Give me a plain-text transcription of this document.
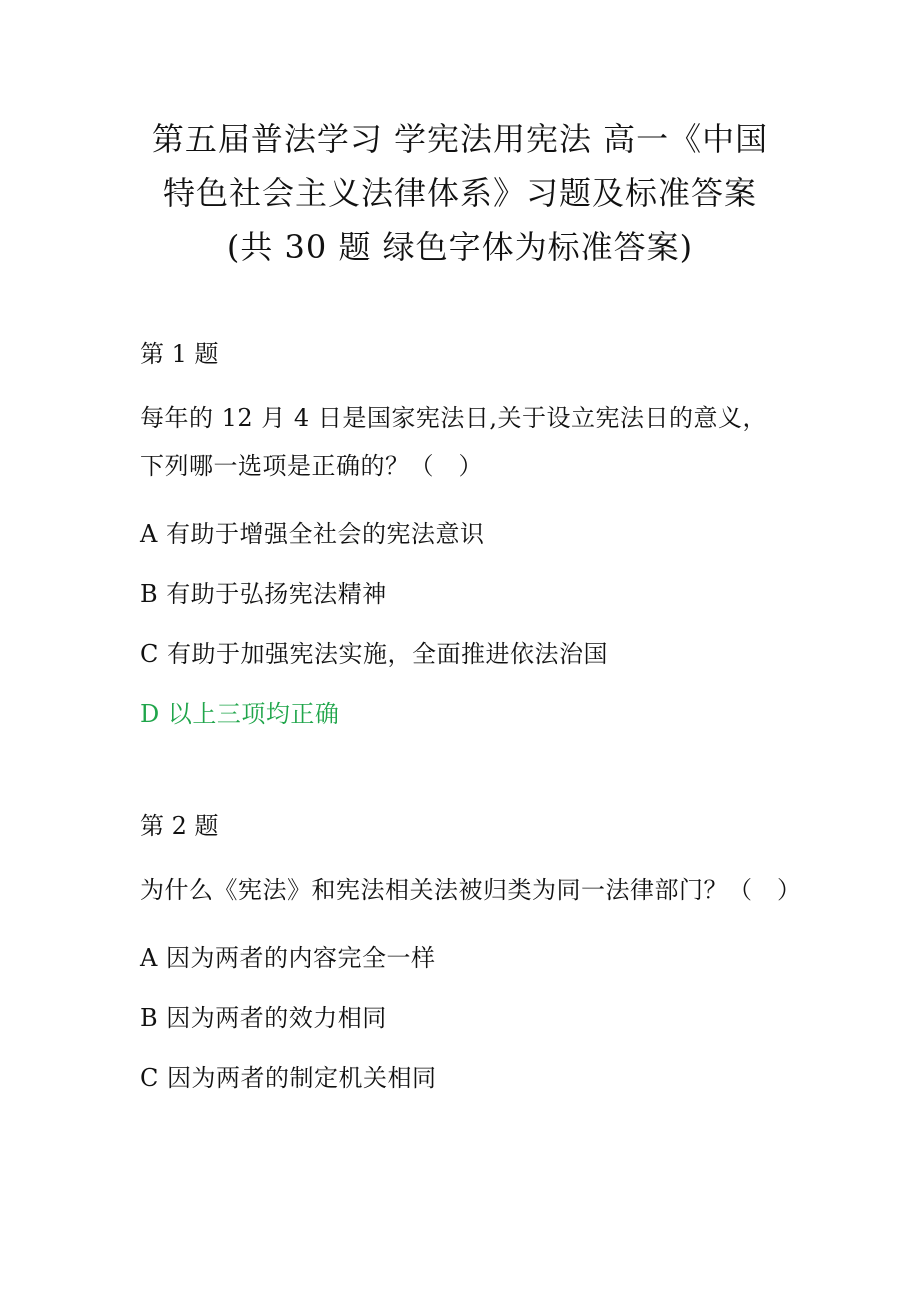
第五届普法学习 学宪法用宪法 高一《中国
特色社会主义法律体系》习题及标准答案
(共 30 题 绿色字体为标准答案)
第 1 题
每年的 12 月 4 日是国家宪法日,关于设立宪法日的意义，下列哪一选项是正确的？（　）
A 有助于增强全社会的宪法意识
B 有助于弘扬宪法精神
C 有助于加强宪法实施，全面推进依法治国
D 以上三项均正确
第 2 题
为什么《宪法》和宪法相关法被归类为同一法律部门？（　）
A 因为两者的内容完全一样
B 因为两者的效力相同
C 因为两者的制定机关相同
